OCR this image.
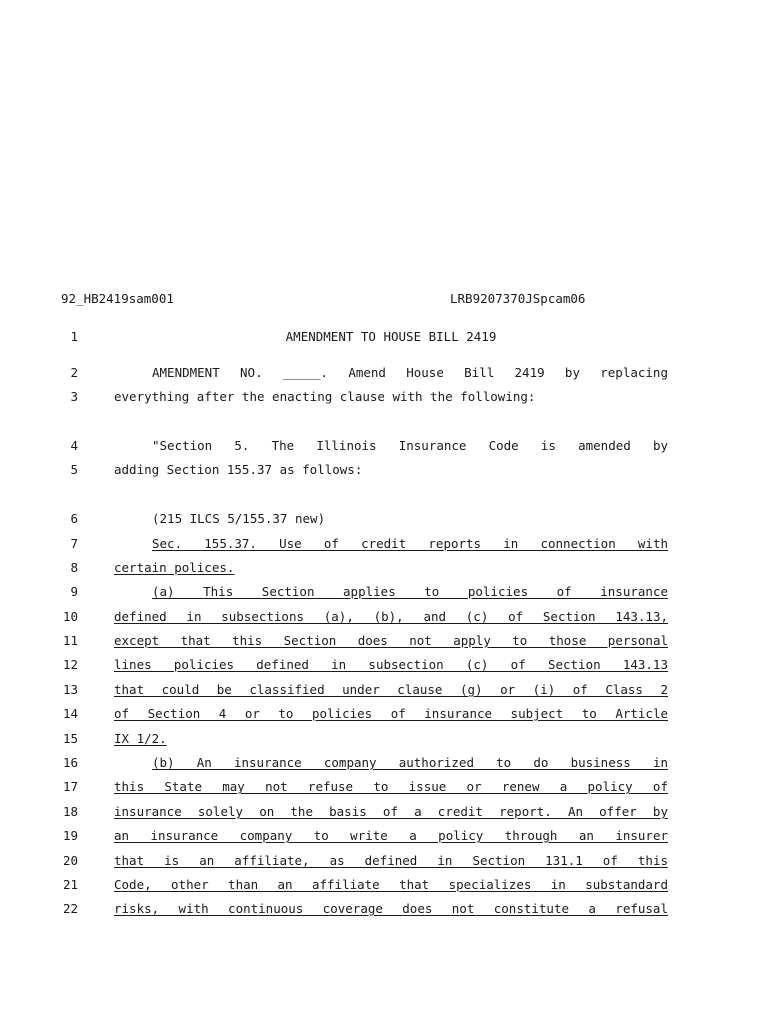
92_HB2419sam001	LRB9207370JSpcam06
1	AMENDMENT TO HOUSE BILL 2419
2	AMENDMENT NO. _____. Amend House Bill 2419 by replacing
3	everything after the enacting clause with the following:
4	"Section 5. The Illinois Insurance Code is amended by
5	adding Section 155.37 as follows:
6	(215 ILCS 5/155.37 new)
7	Sec. 155.37. Use of credit reports in connection with
8	certain polices.
9	(a) This Section applies to policies of insurance
10	defined in subsections (a), (b), and (c) of Section 143.13,
11	except that this Section does not apply to those personal
12	lines policies defined in subsection (c) of Section 143.13
13	that could be classified under clause (g) or (i) of Class 2
14	of Section 4 or to policies of insurance subject to Article
15	IX 1/2.
16	(b) An insurance company authorized to do business in
17	this State may not refuse to issue or renew a policy of
18	insurance solely on the basis of a credit report. An offer by
19	an insurance company to write a policy through an insurer
20	that is an affiliate, as defined in Section 131.1 of this
21	Code, other than an affiliate that specializes in substandard
22	risks, with continuous coverage does not constitute a refusal
